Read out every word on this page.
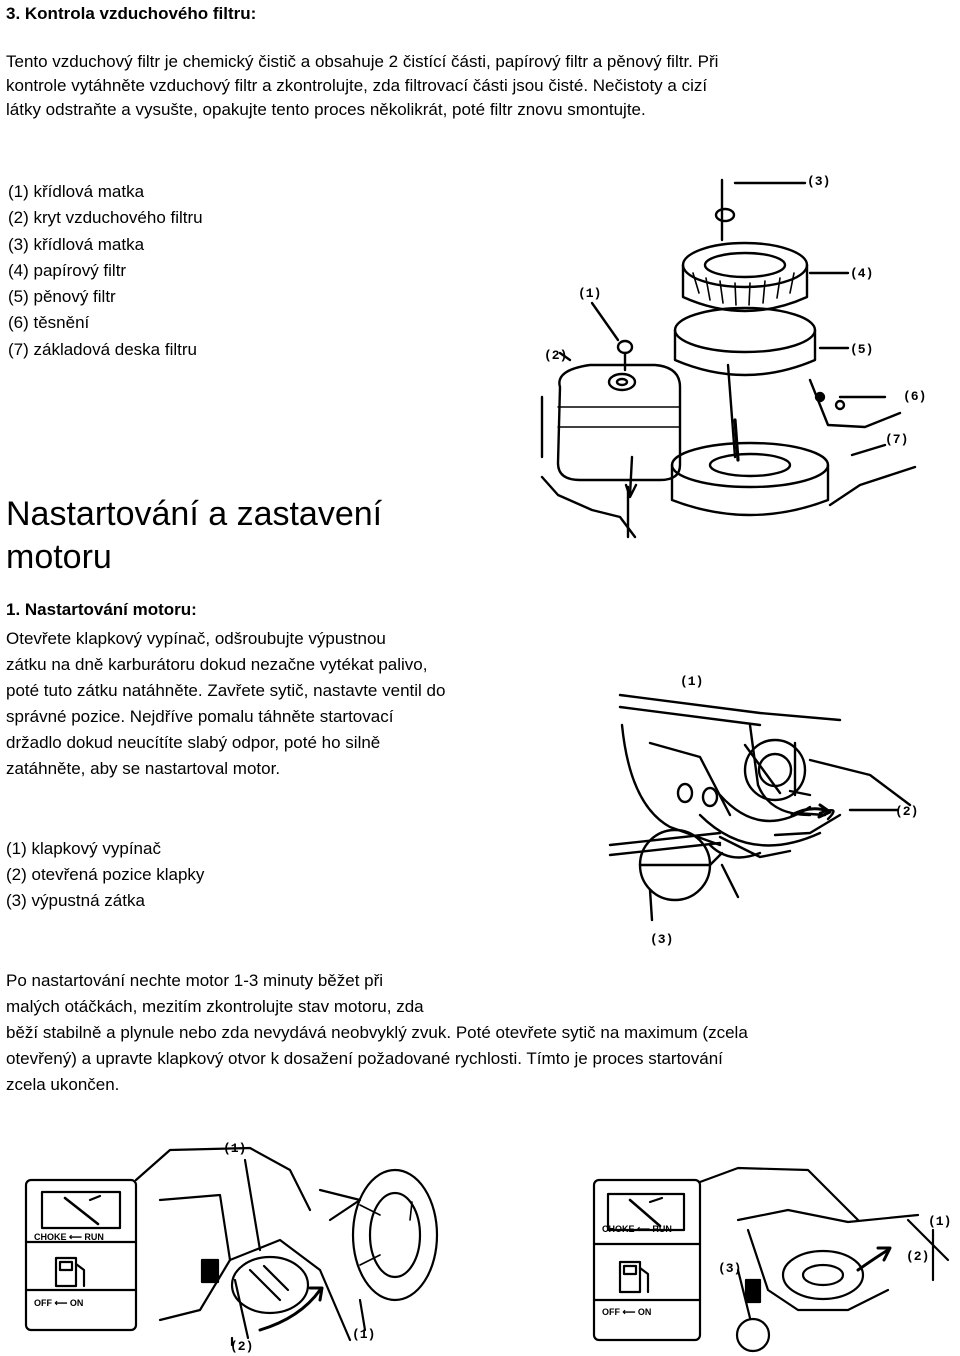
3. Kontrola vzduchového filtru:
Tento vzduchový filtr je chemický čistič a obsahuje 2 čistící části, papírový filtr a pěnový filtr. Při
kontrole vytáhněte vzduchový filtr a zkontrolujte, zda filtrovací části jsou čisté. Nečistoty a cizí
látky odstraňte a vysušte, opakujte tento proces několikrát, poté filtr znovu smontujte.
(1) křídlová matka
(2) kryt vzduchového filtru
(3) křídlová matka
(4) papírový filtr
(5) pěnový filtr
(6) těsnění
(7) základová deska filtru
(3)
(4)
(1)
(5)
(2)
(6)
(7)
Nastartování a zastavení
motoru
1. Nastartování motoru:
Otevřete klapkový vypínač, odšroubujte výpustnou
zátku na dně karburátoru dokud nezačne vytékat palivo,
poté tuto zátku natáhněte. Zavřete sytič, nastavte ventil do
správné pozice. Nejdříve pomalu táhněte startovací
držadlo dokud neucítíte slabý odpor, poté ho silně
zatáhněte, aby se nastartoval motor.
(1) klapkový vypínač
(2) otevřená pozice klapky
(3) výpustná zátka
(1)
(2)
(3)
Po nastartování nechte motor 1-3 minuty běžet při
malých otáčkách, mezitím zkontrolujte stav motoru, zda
běží stabilně a plynule nebo zda nevydává neobvyklý zvuk. Poté otevřete sytič na maximum (zcela
otevřený) a upravte klapkový otvor k dosažení požadované rychlosti. Tímto je proces startování
zcela ukončen.
CHOKE ⟵ RUN
OFF ⟵ ON
(1)
(2)
(1)
CHOKE ⟵ RUN
OFF ⟵ ON
(1)
(2)
(3)
